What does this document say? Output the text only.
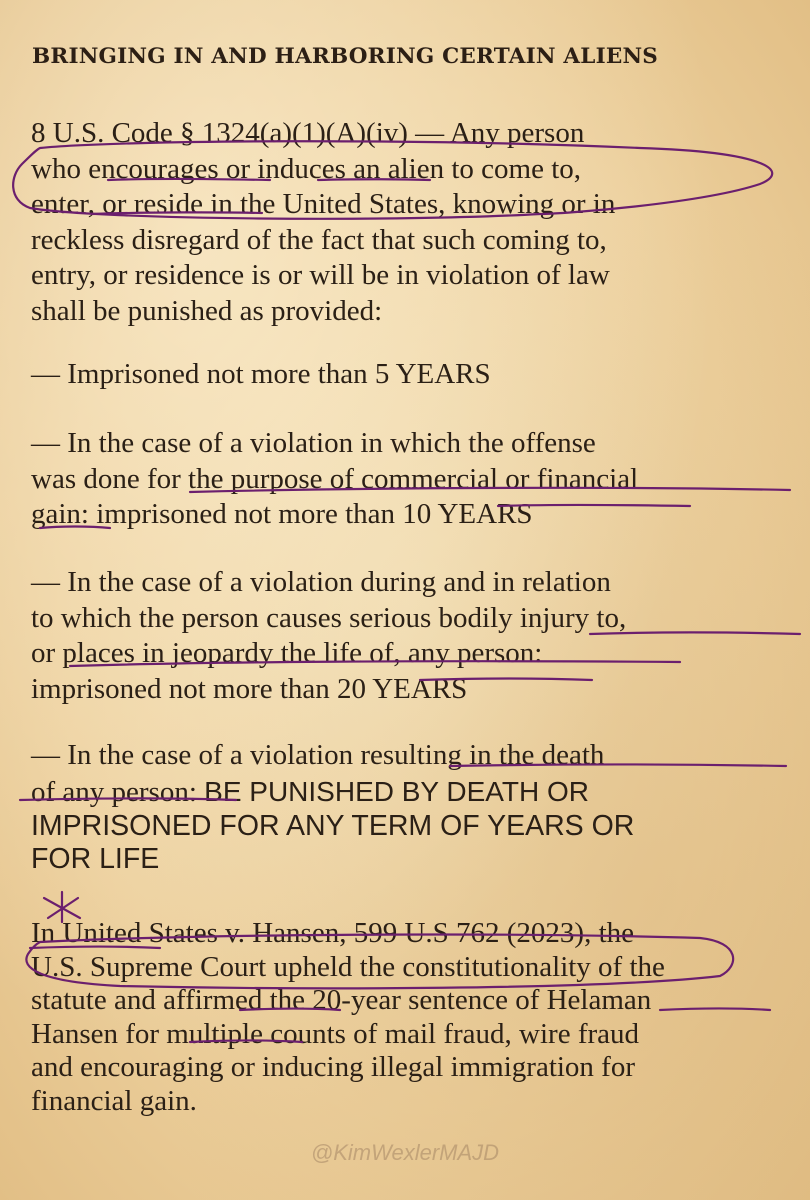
BRINGING IN AND HARBORING CERTAIN ALIENS

8 U.S. Code § 1324(a)(1)(A)(iv) — Any person
who encourages or induces an alien to come to,
enter, or reside in the United States, knowing or in
reckless disregard of the fact that such coming to,
entry, or residence is or will be in violation of law
shall be punished as provided:

— Imprisoned not more than 5 YEARS

— In the case of a violation in which the offense
was done for the purpose of commercial or financial
gain: imprisoned not more than 10 YEARS

— In the case of a violation during and in relation
to which the person causes serious bodily injury to,
or places in jeopardy the life of, any person:
imprisoned not more than 20 YEARS

— In the case of a violation resulting in the death
of any person: BE PUNISHED BY DEATH OR
IMPRISONED FOR ANY TERM OF YEARS OR
FOR LIFE

In United States v. Hansen, 599 U.S 762 (2023), the
U.S. Supreme Court upheld the constitutionality of the
statute and affirmed the 20-year sentence of Helaman
Hansen for multiple counts of mail fraud, wire fraud
and encouraging or inducing illegal immigration for
financial gain.

@KimWexlerMAJD
